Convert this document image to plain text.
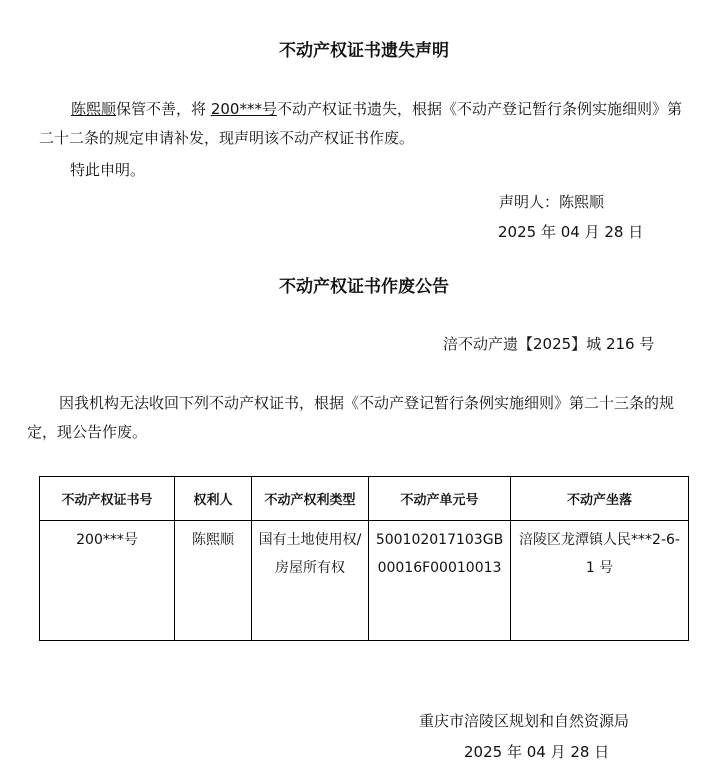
不动产权证书遗失声明

陈熙顺保管不善，将 200***号不动产权证书遗失，根据《不动产登记暂行条例实施细则》第二十二条的规定申请补发，现声明该不动产权证书作废。

特此申明。
声明人：陈熙顺
2025 年 04 月 28 日
不动产权证书作废公告
涪不动产遗【2025】城 216 号

因我机构无法收回下列不动产权证书，根据《不动产登记暂行条例实施细则》第二十三条的规定，现公告作废。

不动产权证书号	权利人	不动产权利类型	不动产单元号	不动产坐落
200***号	陈熙顺	国有土地使用权/房屋所有权	500102017103GB00016F00010013	涪陵区龙潭镇人民***2-6-1 号
重庆市涪陵区规划和自然资源局
2025 年 04 月 28 日
